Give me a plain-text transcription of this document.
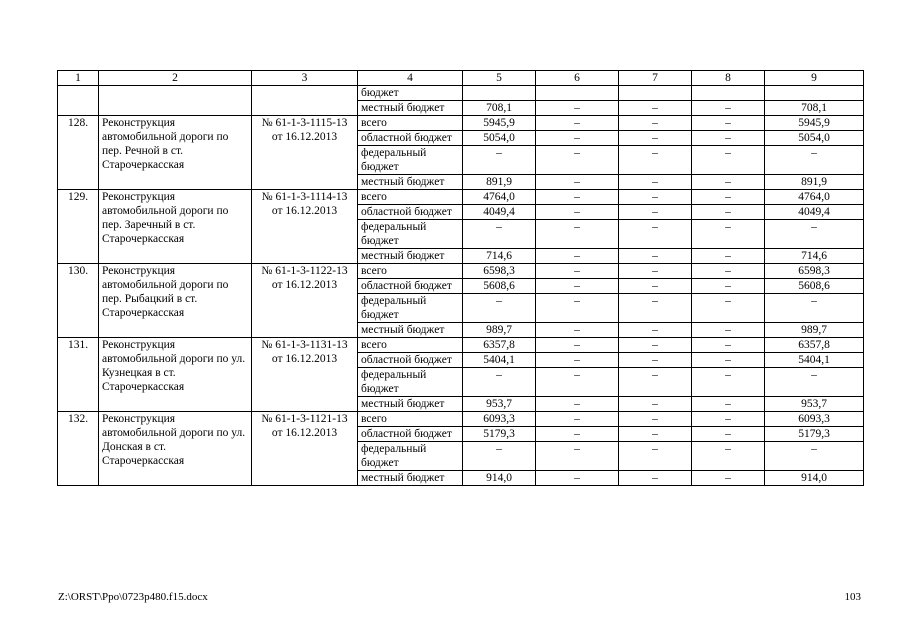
1	2	3	4	5	6	7	8	9
			бюджет					
			местный бюджет	708,1	–	–	–	708,1
128.	Реконструкция автомобильной дороги по пер. Речной в ст. Старочеркасская	№ 61-1-3-1115-13 от 16.12.2013	всего	5945,9	–	–	–	5945,9
			областной бюджет	5054,0	–	–	–	5054,0
			федеральный бюджет	–	–	–	–	–
			местный бюджет	891,9	–	–	–	891,9
129.	Реконструкция автомобильной дороги по пер. Заречный в ст. Старочеркасская	№ 61-1-3-1114-13 от 16.12.2013	всего	4764,0	–	–	–	4764,0
			областной бюджет	4049,4	–	–	–	4049,4
			федеральный бюджет	–	–	–	–	–
			местный бюджет	714,6	–	–	–	714,6
130.	Реконструкция автомобильной дороги по пер. Рыбацкий в ст. Старочеркасская	№ 61-1-3-1122-13 от 16.12.2013	всего	6598,3	–	–	–	6598,3
			областной бюджет	5608,6	–	–	–	5608,6
			федеральный бюджет	–	–	–	–	–
			местный бюджет	989,7	–	–	–	989,7
131.	Реконструкция автомобильной дороги по ул. Кузнецкая в ст. Старочеркасская	№ 61-1-3-1131-13 от 16.12.2013	всего	6357,8	–	–	–	6357,8
			областной бюджет	5404,1	–	–	–	5404,1
			федеральный бюджет	–	–	–	–	–
			местный бюджет	953,7	–	–	–	953,7
132.	Реконструкция автомобильной дороги по ул. Донская в ст. Старочеркасская	№ 61-1-3-1121-13 от 16.12.2013	всего	6093,3	–	–	–	6093,3
			областной бюджет	5179,3	–	–	–	5179,3
			федеральный бюджет	–	–	–	–	–
			местный бюджет	914,0	–	–	–	914,0
Z:\ORST\Ppo\0723p480.f15.docx	103
